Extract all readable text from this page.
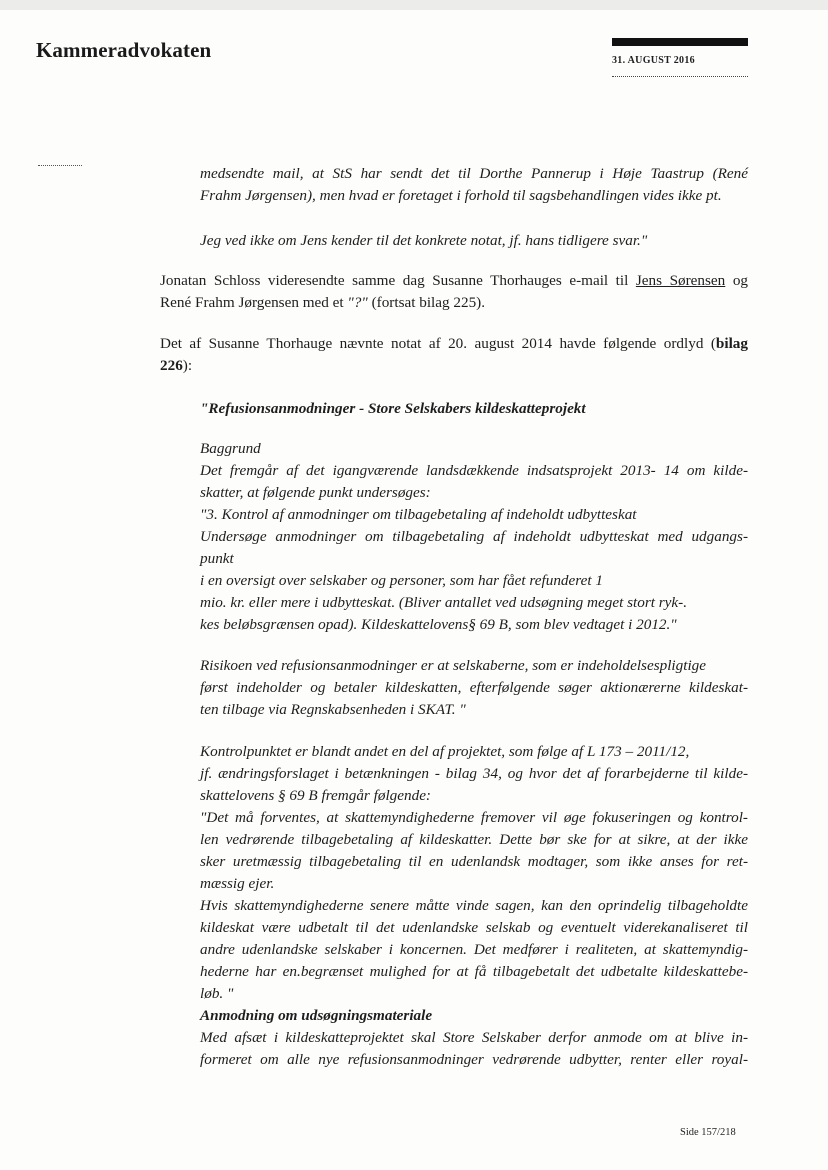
Kammeradvokaten	31. AUGUST 2016

medsendte mail, at StS har sendt det til Dorthe Pannerup i Høje Taastrup (René

Frahm Jørgensen), men hvad er foretaget i forhold til sagsbehandlingen vides ikke pt.

Jeg ved ikke om Jens kender til det konkrete notat, jf. hans tidligere svar."

Jonatan Schloss videresendte samme dag Susanne Thorhauges e-mail til Jens Sørensen og

René Frahm Jørgensen med et "?" (fortsat bilag 225).

Det af Susanne Thorhauge nævnte notat af 20. august 2014 havde følgende ordlyd (bilag

226):

"Refusionsanmodninger - Store Selskabers kildeskatteprojekt

Baggrund

Det fremgår af det igangværende landsdækkende indsatsprojekt 2013- 14 om kilde-

skatter, at følgende punkt undersøges:

"3. Kontrol af anmodninger om tilbagebetaling af indeholdt udbytteskat

Undersøge anmodninger om tilbagebetaling af indeholdt udbytteskat med udgangs-

punkt

i en oversigt over selskaber og personer, som har fået refunderet 1

mio. kr. eller mere i udbytteskat. (Bliver antallet ved udsøgning meget stort ryk-.

kes beløbsgrænsen opad). Kildeskattelovens§ 69 B, som blev vedtaget i 2012."

Risikoen ved refusionsanmodninger er at selskaberne, som er indeholdelsespligtige

først indeholder og betaler kildeskatten, efterfølgende søger aktionærerne kildeskat-

ten tilbage via Regnskabsenheden i SKAT. "

Kontrolpunktet er blandt andet en del af projektet, som følge af L 173 – 2011/12,

jf. ændringsforslaget i betænkningen - bilag 34, og hvor det af forarbejderne til kilde-

skattelovens § 69 B fremgår følgende:

"Det må forventes, at skattemyndighederne fremover vil øge fokuseringen og kontrol-

len vedrørende tilbagebetaling af kildeskatter. Dette bør ske for at sikre, at der ikke

sker uretmæssig tilbagebetaling til en udenlandsk modtager, som ikke anses for ret-

mæssig ejer.

Hvis skattemyndighederne senere måtte vinde sagen, kan den oprindelig tilbageholdte

kildeskat være udbetalt til det udenlandske selskab og eventuelt viderekanaliseret til

andre udenlandske selskaber i koncernen. Det medfører i realiteten, at skattemyndig-

hederne har en.begrænset mulighed for at få tilbagebetalt det udbetalte kildeskattebe-

løb. "

Anmodning om udsøgningsmateriale

Med afsæt i kildeskatteprojektet skal Store Selskaber derfor anmode om at blive in-

formeret om alle nye refusionsanmodninger vedrørende udbytter, renter eller royal-

Side 157/218
